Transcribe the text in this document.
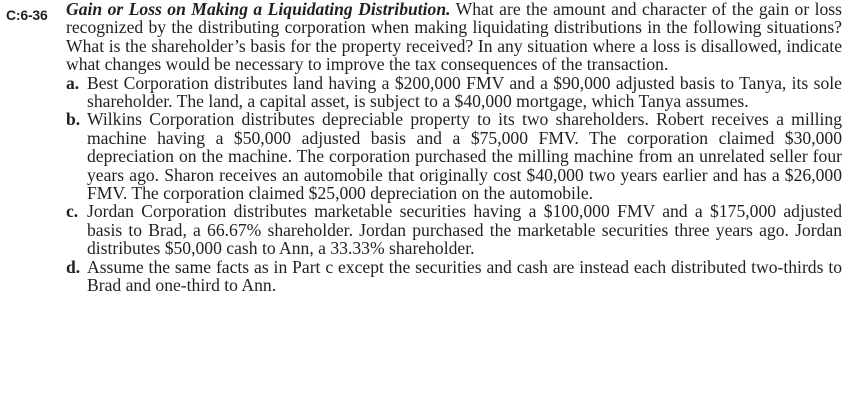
C:6-36 Gain or Loss on Making a Liquidating Distribution. What are the amount and character of the gain or loss recognized by the distributing corporation when making liquidating distributions in the following situations? What is the shareholder’s basis for the property received? In any situation where a loss is disallowed, indicate what changes would be necessary to improve the tax consequences of the transaction.

a. Best Corporation distributes land having a $200,000 FMV and a $90,000 adjusted basis to Tanya, its sole shareholder. The land, a capital asset, is subject to a $40,000 mortgage, which Tanya assumes.
b. Wilkins Corporation distributes depreciable property to its two shareholders. Robert receives a milling machine having a $50,000 adjusted basis and a $75,000 FMV. The corporation claimed $30,000 depreciation on the machine. The corporation purchased the milling machine from an unrelated seller four years ago. Sharon receives an automobile that originally cost $40,000 two years earlier and has a $26,000 FMV. The corporation claimed $25,000 depreciation on the automobile.
c. Jordan Corporation distributes marketable securities having a $100,000 FMV and a $175,000 adjusted basis to Brad, a 66.67% shareholder. Jordan purchased the marketable securities three years ago. Jordan distributes $50,000 cash to Ann, a 33.33% shareholder.
d. Assume the same facts as in Part c except the securities and cash are instead each distributed two-thirds to Brad and one-third to Ann.
